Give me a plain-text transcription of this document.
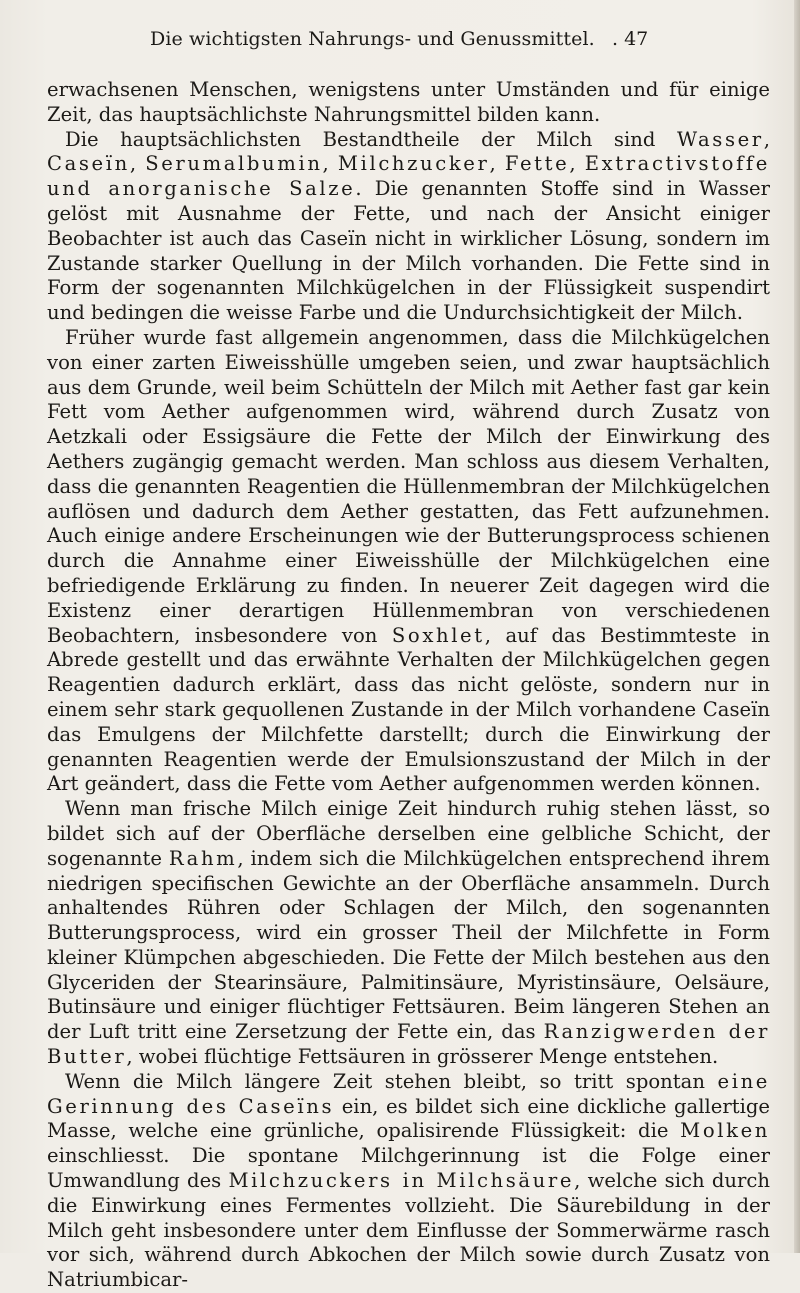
Die wichtigsten Nahrungs- und Genussmittel. . 47

erwachsenen Menschen, wenigstens unter Umständen und für einige Zeit, das hauptsächlichste Nahrungsmittel bilden kann.

Die hauptsächlichsten Bestandtheile der Milch sind Wasser, Caseïn, Serumalbumin, Milchzucker, Fette, Extractivstoffe und anorganische Salze. Die genannten Stoffe sind in Wasser gelöst mit Ausnahme der Fette, und nach der Ansicht einiger Beobachter ist auch das Caseïn nicht in wirklicher Lösung, sondern im Zustande starker Quellung in der Milch vorhanden. Die Fette sind in Form der sogenannten Milchkügelchen in der Flüssigkeit suspendirt und bedingen die weisse Farbe und die Undurchsichtigkeit der Milch.

Früher wurde fast allgemein angenommen, dass die Milchkügelchen von einer zarten Eiweisshülle umgeben seien, und zwar hauptsächlich aus dem Grunde, weil beim Schütteln der Milch mit Aether fast gar kein Fett vom Aether aufgenommen wird, während durch Zusatz von Aetzkali oder Essigsäure die Fette der Milch der Einwirkung des Aethers zugängig gemacht werden. Man schloss aus diesem Verhalten, dass die genannten Reagentien die Hüllenmembran der Milchkügelchen auflösen und dadurch dem Aether gestatten, das Fett aufzunehmen. Auch einige andere Erscheinungen wie der Butterungsprocess schienen durch die Annahme einer Eiweisshülle der Milchkügelchen eine befriedigende Erklärung zu finden. In neuerer Zeit dagegen wird die Existenz einer derartigen Hüllenmembran von verschiedenen Beobachtern, insbesondere von Soxhlet, auf das Bestimmteste in Abrede gestellt und das erwähnte Verhalten der Milchkügelchen gegen Reagentien dadurch erklärt, dass das nicht gelöste, sondern nur in einem sehr stark gequollenen Zustande in der Milch vorhandene Caseïn das Emulgens der Milchfette darstellt; durch die Einwirkung der genannten Reagentien werde der Emulsionszustand der Milch in der Art geändert, dass die Fette vom Aether aufgenommen werden können.

Wenn man frische Milch einige Zeit hindurch ruhig stehen lässt, so bildet sich auf der Oberfläche derselben eine gelbliche Schicht, der sogenannte Rahm, indem sich die Milchkügelchen entsprechend ihrem niedrigen specifischen Gewichte an der Oberfläche ansammeln. Durch anhaltendes Rühren oder Schlagen der Milch, den sogenannten Butterungsprocess, wird ein grosser Theil der Milchfette in Form kleiner Klümpchen abgeschieden. Die Fette der Milch bestehen aus den Glyceriden der Stearinsäure, Palmitinsäure, Myristinsäure, Oelsäure, Butinsäure und einiger flüchtiger Fettsäuren. Beim längeren Stehen an der Luft tritt eine Zersetzung der Fette ein, das Ranzigwerden der Butter, wobei flüchtige Fettsäuren in grösserer Menge entstehen.

Wenn die Milch längere Zeit stehen bleibt, so tritt spontan eine Gerinnung des Caseïns ein, es bildet sich eine dickliche gallertige Masse, welche eine grünliche, opalisirende Flüssigkeit: die Molken einschliesst. Die spontane Milchgerinnung ist die Folge einer Umwandlung des Milchzuckers in Milchsäure, welche sich durch die Einwirkung eines Fermentes vollzieht. Die Säurebildung in der Milch geht insbesondere unter dem Einflusse der Sommerwärme rasch vor sich, während durch Abkochen der Milch sowie durch Zusatz von Natriumbicar-
